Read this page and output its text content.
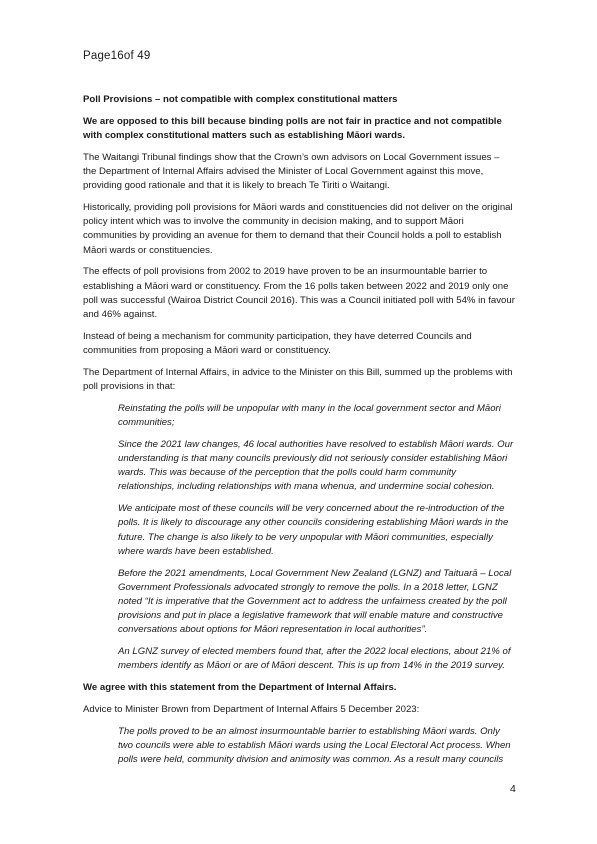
Page16of 49

Poll Provisions – not compatible with complex constitutional matters

We are opposed to this bill because binding polls are not fair in practice and not compatible with complex constitutional matters such as establishing Māori wards.

The Waitangi Tribunal findings show that the Crown’s own advisors on Local Government issues – the Department of Internal Affairs advised the Minister of Local Government against this move, providing good rationale and that it is likely to breach Te Tiriti o Waitangi.

Historically, providing poll provisions for Māori wards and constituencies did not deliver on the original policy intent which was to involve the community in decision making, and to support Māori communities by providing an avenue for them to demand that their Council holds a poll to establish Māori wards or constituencies.

The effects of poll provisions from 2002 to 2019 have proven to be an insurmountable barrier to establishing a Māori ward or constituency. From the 16 polls taken between 2022 and 2019 only one poll was successful (Wairoa District Council 2016). This was a Council initiated poll with 54% in favour and 46% against.

Instead of being a mechanism for community participation, they have deterred Councils and communities from proposing a Māori ward or constituency.

The Department of Internal Affairs, in advice to the Minister on this Bill, summed up the problems with poll provisions in that:

Reinstating the polls will be unpopular with many in the local government sector and Māori communities;

Since the 2021 law changes, 46 local authorities have resolved to establish Māori wards. Our understanding is that many councils previously did not seriously consider establishing Māori wards. This was because of the perception that the polls could harm community relationships, including relationships with mana whenua, and undermine social cohesion.

We anticipate most of these councils will be very concerned about the re-introduction of the polls. It is likely to discourage any other councils considering establishing Māori wards in the future. The change is also likely to be very unpopular with Māori communities, especially where wards have been established.

Before the 2021 amendments, Local Government New Zealand (LGNZ) and Taituarā – Local Government Professionals advocated strongly to remove the polls. In a 2018 letter, LGNZ noted “It is imperative that the Government act to address the unfairness created by the poll provisions and put in place a legislative framework that will enable mature and constructive conversations about options for Māori representation in local authorities”.

An LGNZ survey of elected members found that, after the 2022 local elections, about 21% of members identify as Māori or are of Māori descent. This is up from 14% in the 2019 survey.

We agree with this statement from the Department of Internal Affairs.

Advice to Minister Brown from Department of Internal Affairs 5 December 2023:

The polls proved to be an almost insurmountable barrier to establishing Māori wards. Only two councils were able to establish Māori wards using the Local Electoral Act process. When polls were held, community division and animosity was common. As a result many councils

4
